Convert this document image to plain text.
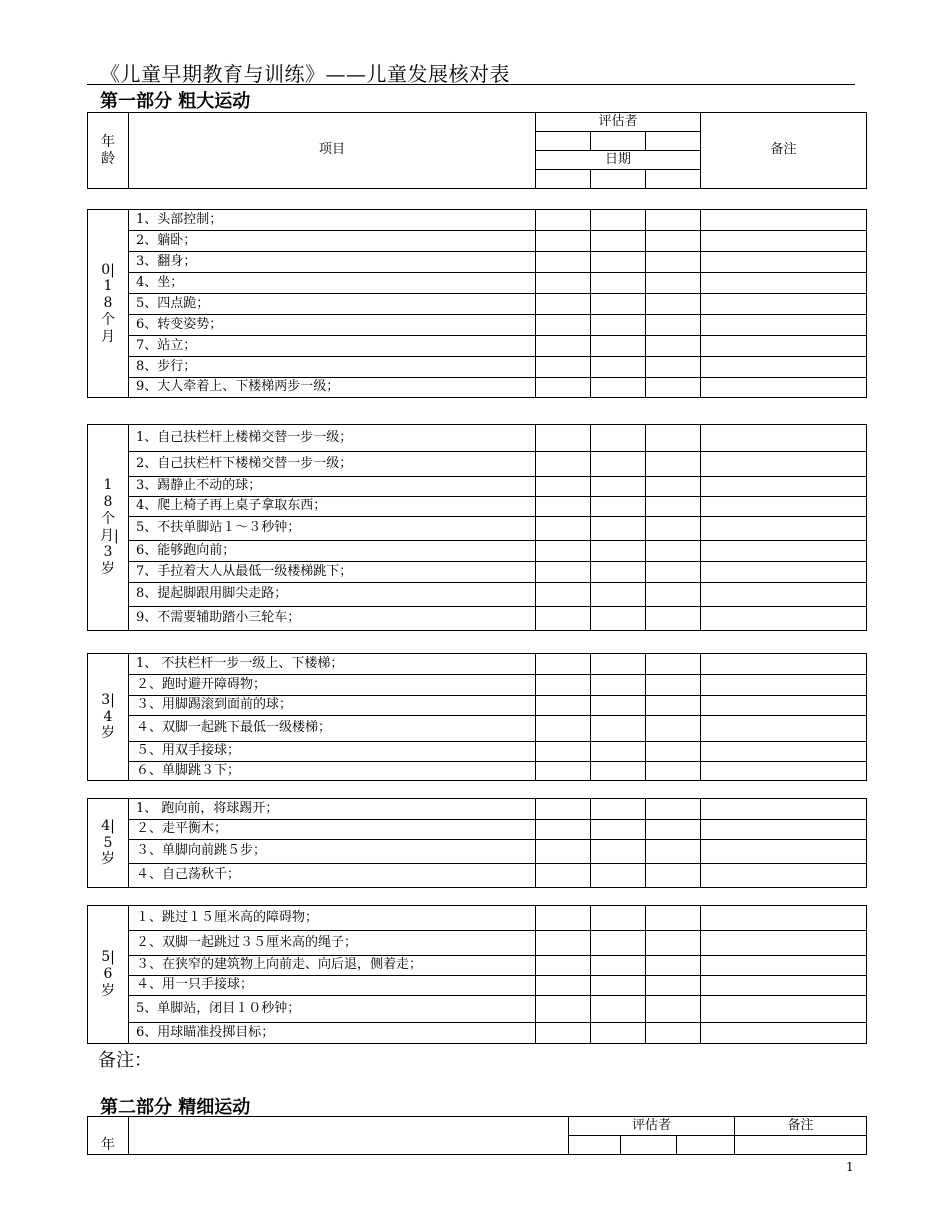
《儿童早期教育与训练》——儿童发展核对表
第一部分 粗大运动
年龄	项目	评估者			备注

		日期			

0|18个月	1、头部控制；				
	2、躺卧；				
	3、翻身；				
	4、坐；				
	5、四点跪；				
	6、转变姿势；				
	7、站立；				
	8、步行；				
	9、大人牵着上、下楼梯两步一级；				
18个月|3岁	1、自己扶栏杆上楼梯交替一步一级；				
	2、自己扶栏杆下楼梯交替一步一级；				
	3、踢静止不动的球；				
	4、爬上椅子再上桌子拿取东西；				
	5、不扶单脚站１～３秒钟；				
	6、能够跑向前；				
	7、手拉着大人从最低一级楼梯跳下；				
	8、提起脚跟用脚尖走路；				
	9、不需要辅助踏小三轮车；				
3|4岁	1、 不扶栏杆一步一级上、下楼梯；				
	２、跑时避开障碍物；				
	３、用脚踢滚到面前的球；				
	４、双脚一起跳下最低一级楼梯；				
	５、用双手接球；				
	６、单脚跳３下；				
4|5岁	1、 跑向前，将球踢开；				
	２、走平衡木；				
	３、单脚向前跳５步；				
	４、自己荡秋千；				
5|6岁	１、跳过１５厘米高的障碍物；				
	２、双脚一起跳过３５厘米高的绳子；				
	３、在狭窄的建筑物上向前走、向后退，侧着走；				
	４、用一只手接球；				
	5、单脚站，闭目１０秒钟；				
	6、用球瞄准投掷目标；				
备注：
第二部分 精细运动
年		评估者			备注

1
